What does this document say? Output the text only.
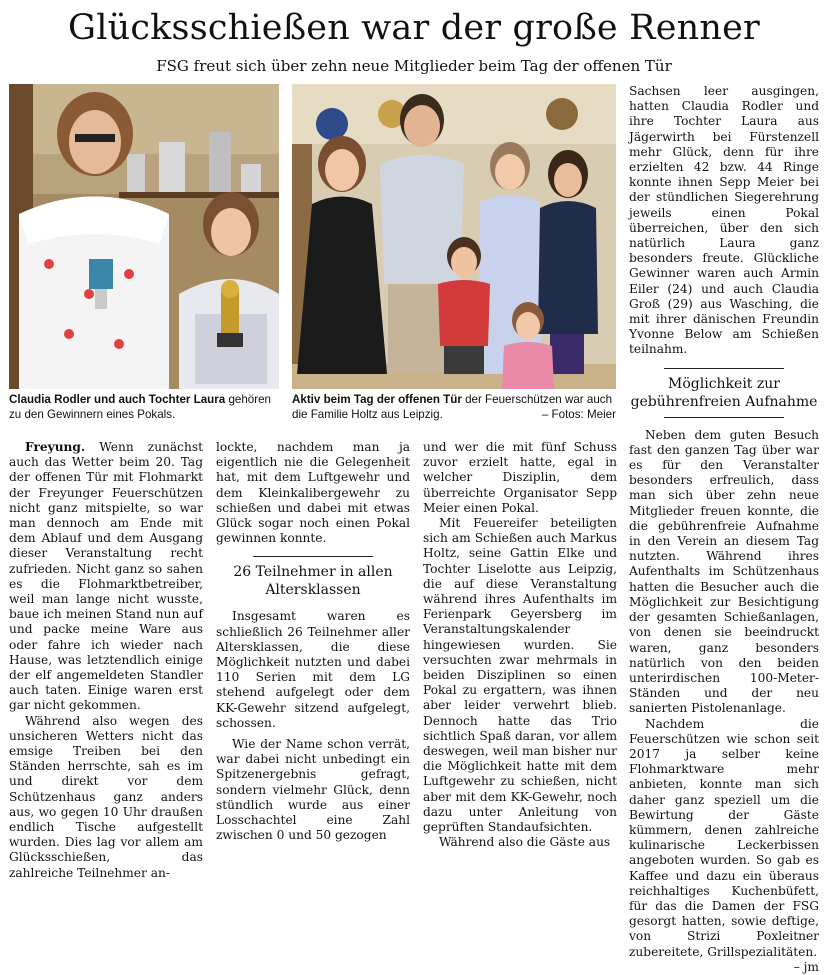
Glücksschießen war der große Renner
FSG freut sich über zehn neue Mitglieder beim Tag der offenen Tür
Claudia Rodler und auch Tochter Laura gehören zu den Gewinnern eines Pokals.
Aktiv beim Tag der offenen Tür der Feuerschützen war auch die Familie Holtz aus Leipzig.	– Fotos: Meier

Freyung. Wenn zunächst auch das Wetter beim 20. Tag der offenen Tür mit Flohmarkt der Freyunger Feuerschützen nicht ganz mitspielte, so war man dennoch am Ende mit dem Ablauf und dem Ausgang dieser Veranstaltung recht zufrieden. Nicht ganz so sahen es die Flohmarktbetreiber, weil man lange nicht wusste, baue ich meinen Stand nun auf und packe meine Ware aus oder fahre ich wieder nach Hause, was letztendlich einige der elf angemeldeten Standler auch taten. Einige waren erst gar nicht gekommen.

Während also wegen des unsicheren Wetters nicht das emsige Treiben bei den Ständen herrschte, sah es im und direkt vor dem Schützenhaus ganz anders aus, wo gegen 10 Uhr draußen endlich Tische aufgestellt wurden. Dies lag vor allem am Glücksschießen, das zahlreiche Teilnehmer an-

lockte, nachdem man ja eigentlich nie die Gelegenheit hat, mit dem Luftgewehr und dem Kleinkalibergewehr zu schießen und dabei mit etwas Glück sogar noch einen Pokal gewinnen konnte.

26 Teilnehmer in allen Altersklassen

Insgesamt waren es schließlich 26 Teilnehmer aller Altersklassen, die diese Möglichkeit nutzten und dabei 110 Serien mit dem LG stehend aufgelegt oder dem KK-Gewehr sitzend aufgelegt, schossen.

Wie der Name schon verrät, war dabei nicht unbedingt ein Spitzenergebnis gefragt, sondern vielmehr Glück, denn stündlich wurde aus einer Losschachtel eine Zahl zwischen 0 und 50 gezogen

und wer die mit fünf Schuss zuvor erzielt hatte, egal in welcher Disziplin, dem überreichte Organisator Sepp Meier einen Pokal.

Mit Feuereifer beteiligten sich am Schießen auch Markus Holtz, seine Gattin Elke und Tochter Liselotte aus Leipzig, die auf diese Veranstaltung während ihres Aufenthalts im Ferienpark Geyersberg im Veranstaltungskalender hingewiesen wurden. Sie versuchten zwar mehrmals in beiden Disziplinen so einen Pokal zu ergattern, was ihnen aber leider verwehrt blieb. Dennoch hatte das Trio sichtlich Spaß daran, vor allem deswegen, weil man bisher nur die Möglichkeit hatte mit dem Luftgewehr zu schießen, nicht aber mit dem KK-Gewehr, noch dazu unter Anleitung von geprüften Standaufsichten.

Während also die Gäste aus

Sachsen leer ausgingen, hatten Claudia Rodler und ihre Tochter Laura aus Jägerwirth bei Fürstenzell mehr Glück, denn für ihre erzielten 42 bzw. 44 Ringe konnte ihnen Sepp Meier bei der stündlichen Siegerehrung jeweils einen Pokal überreichen, über den sich natürlich Laura ganz besonders freute. Glückliche Gewinner waren auch Armin Eiler (24) und auch Claudia Groß (29) aus Wasching, die mit ihrer dänischen Freundin Yvonne Below am Schießen teilnahm.

Möglichkeit zur gebührenfreien Aufnahme

Neben dem guten Besuch fast den ganzen Tag über war es für den Veranstalter besonders erfreulich, dass man sich über zehn neue Mitglieder freuen konnte, die die gebührenfreie Aufnahme in den Verein an diesem Tag nutzten. Während ihres Aufenthalts im Schützenhaus hatten die Besucher auch die Möglichkeit zur Besichtigung der gesamten Schießanlagen, von denen sie beeindruckt waren, ganz besonders natürlich von den beiden unterirdischen 100-Meter-Ständen und der neu sanierten Pistolenanlage.

Nachdem die Feuerschützen wie schon seit 2017 ja selber keine Flohmarktware mehr anbieten, konnte man sich daher ganz speziell um die Bewirtung der Gäste kümmern, denen zahlreiche kulinarische Leckerbissen angeboten wurden. So gab es Kaffee und dazu ein überaus reichhaltiges Kuchenbüfett, für das die Damen der FSG gesorgt hatten, sowie deftige, von Strizi Poxleitner zubereitete, Grillspezialitäten.
– jm
